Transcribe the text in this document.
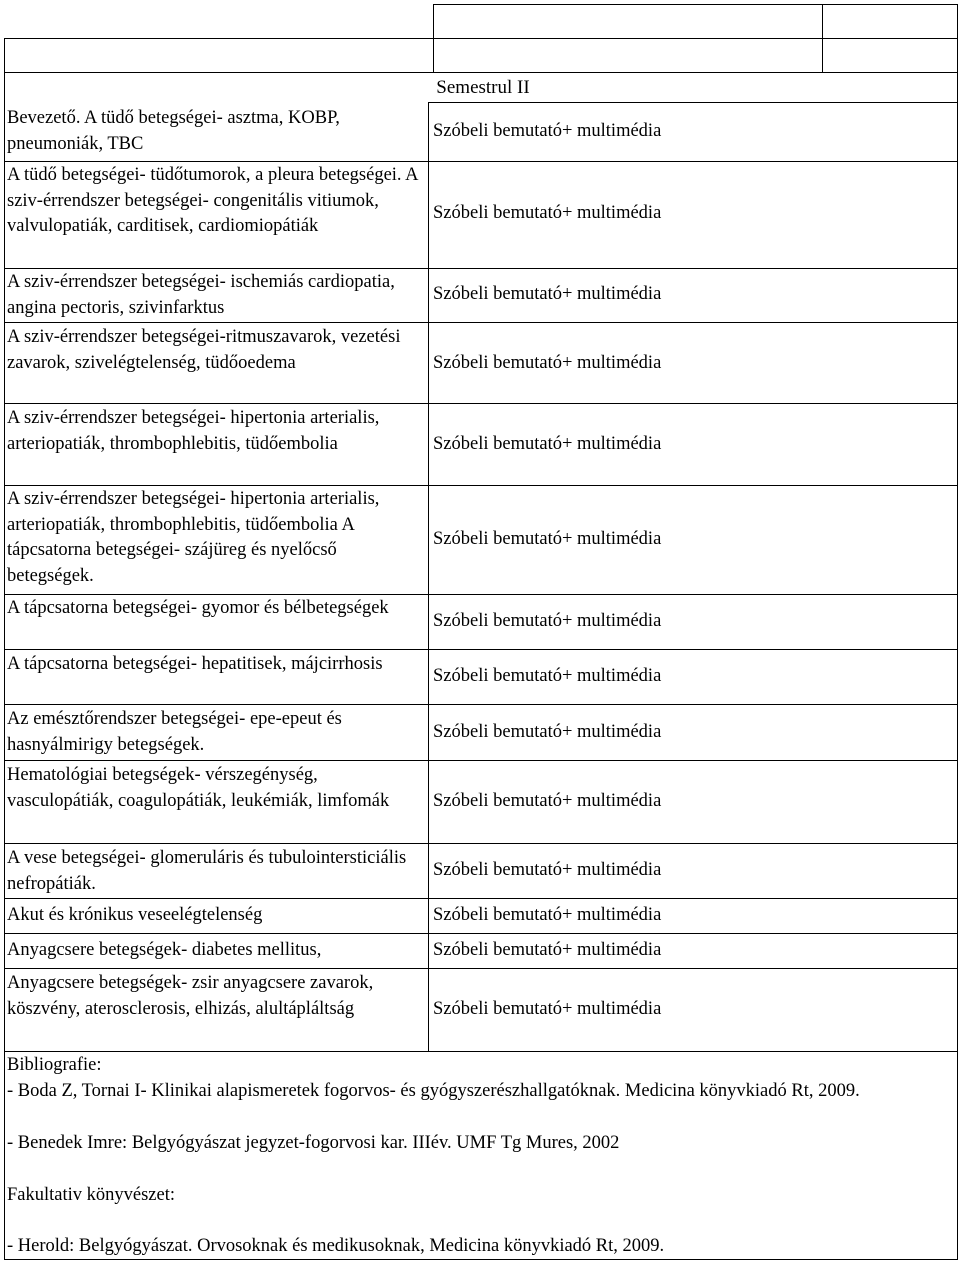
Semestrul II
Bevezető. A tüdő betegségei- asztma, KOBP, pneumoniák, TBC
A tüdő betegségei- tüdőtumorok, a pleura betegségei. A sziv-érrendszer betegségei- congenitális vitiumok, valvulopatiák, carditisek, cardiomiopátiák
A sziv-érrendszer betegségei- ischemiás cardiopatia, angina pectoris, szivinfarktus
A sziv-érrendszer betegségei-ritmuszavarok, vezetési zavarok, szivelégtelenség, tüdőoedema
A sziv-érrendszer betegségei- hipertonia arterialis, arteriopatiák, thrombophlebitis, tüdőembolia
A sziv-érrendszer betegségei- hipertonia arterialis, arteriopatiák, thrombophlebitis, tüdőembolia A tápcsatorna betegségei- szájüreg és nyelőcső betegségek.
A tápcsatorna betegségei- gyomor és bélbetegségek
A tápcsatorna betegségei- hepatitisek, májcirrhosis
Az emésztőrendszer betegségei- epe-epeut és hasnyálmirigy betegségek.
Hematológiai betegségek- vérszegénység, vasculopátiák, coagulopátiák, leukémiák, limfomák
A vese betegségei- glomeruláris és tubulointersticiális nefropátiák.
Akut és krónikus veseelégtelenség
Anyagcsere betegségek- diabetes mellitus,
Anyagcsere betegségek- zsir anyagcsere zavarok, köszvény, aterosclerosis, elhizás, alultápláltság
Szóbeli bemutató+ multimédia
Szóbeli bemutató+ multimédia
Szóbeli bemutató+ multimédia
Szóbeli bemutató+ multimédia
Szóbeli bemutató+ multimédia
Szóbeli bemutató+ multimédia
Szóbeli bemutató+ multimédia
Szóbeli bemutató+ multimédia
Szóbeli bemutató+ multimédia
Szóbeli bemutató+ multimédia
Szóbeli bemutató+ multimédia
Szóbeli bemutató+ multimédia
Szóbeli bemutató+ multimédia
Szóbeli bemutató+ multimédia
Bibliografie:
- Boda Z, Tornai I- Klinikai alapismeretek fogorvos- és gyógyszerészhallgatóknak. Medicina könyvkiadó Rt, 2009.
- Benedek Imre: Belgyógyászat jegyzet-fogorvosi kar. IIIév. UMF Tg Mures, 2002
Fakultativ könyvészet:
- Herold: Belgyógyászat. Orvosoknak és medikusoknak, Medicina könyvkiadó Rt, 2009.
